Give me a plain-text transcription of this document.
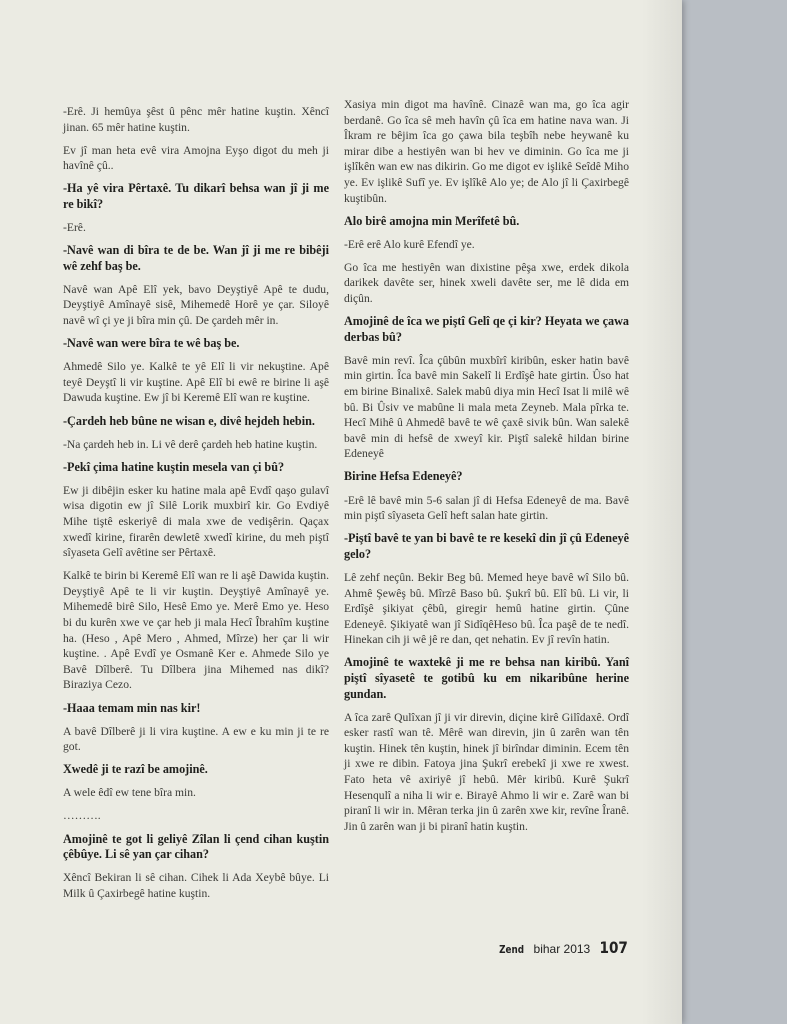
-Erê. Ji hemûya şêst û pênc mêr hatine kuştin. Xêncî jinan. 65 mêr hatine kuştin.

Ev jî man heta evê vira Amojna Eyşo digot du meh ji havînê çû..

-Ha yê vira Pêrtaxê. Tu dikarî behsa wan jî ji me re bikî?

-Erê.

-Navê wan di bîra te de be. Wan jî ji me re bibêji wê zehf baş be.

Navê wan Apê Elî yek, bavo Deyştiyê Apê te dudu, Deyştiyê Amînayê sisê, Mihemedê Horê ye çar. Siloyê navê wî çi ye ji bîra min çû. De çardeh mêr in.

-Navê wan were bîra te wê baş be.

Ahmedê Silo ye. Kalkê te yê Elî li vir nekuştine. Apê teyê Deyştî li vir kuştine. Apê Elî bi ewê re birine li aşê Dawuda kuştine. Ew jî bi Keremê Elî wan re kuştine.

-Çardeh heb bûne ne wisan e, divê hejdeh hebin.

-Na çardeh heb in. Li vê derê çardeh heb hatine kuştin.

-Pekî çima hatine kuştin mesela van çi bû?

Ew ji dibêjin esker ku hatine mala apê Evdî qaşo gulavî wisa digotin ew jî Silê Lorik muxbirî kir. Go Evdiyê Mihe tiştê eskeriyê di mala xwe de vedişêrin. Qaçax xwedî kirine, firarên dewletê xwedî kirine, du meh piştî sîyaseta Gelî avêtine ser Pêrtaxê.

Kalkê te birin bi Keremê Elî wan re li aşê Dawida kuştin. Deyştiyê Apê te li vir kuştin. Deyştiyê Amînayê ye. Mihemedê birê Silo, Hesê Emo ye. Merê Emo ye. Heso bi du kurên xwe ve çar heb ji mala Hecî Îbrahîm kuştine ha. (Heso , Apê Mero , Ahmed, Mîrze) her çar li wir kuştine. . Apê Evdî ye Osmanê Ker e. Ahmede Silo ye Bavê Dîlberê. Tu Dîlbera jina Mihemed nas dikî? Biraziya Cezo.

-Haaa temam min nas kir!

A bavê Dîlberê ji li vira kuştine. A ew e ku min ji te re got.

Xwedê ji te razî be amojinê.

A wele êdî ew tene bîra min.

……….

Amojinê te got li geliyê Zîlan li çend cihan kuştin çêbûye. Li sê yan çar cihan?

Xêncî Bekiran li sê cihan. Cihek li Ada Xeybê bûye. Li Milk û Çaxirbegê hatine kuştin.

Xasiya min digot ma havînê. Cinazê wan ma, go îca agir berdanê. Go îca sê meh havîn çû îca em hatine nava wan. Ji Îkram re bêjim îca go çawa bila teşbîh nebe heywanê ku mirar dibe a hestiyên wan bi hev ve diminin. Go îca me ji işlîkên wan ew nas dikirin. Go me digot ev işlikê Seîdê Miho ye. Ev işlikê Sufî ye. Ev işlîkê Alo ye; de Alo jî li Çaxirbegê kuştibûn.

Alo birê amojna min Merîfetê bû.

-Erê erê Alo kurê Efendî ye.

Go îca me hestiyên wan dixistine pêşa xwe, erdek dikola darikek davête ser, hinek xweli davête ser, me lê dida em diçûn.

Amojinê de îca we piştî Gelî qe çi kir? Heyata we çawa derbas bû?

Bavê min revî. Îca çûbûn muxbîrî kiribûn, esker hatin bavê min girtin. Îca bavê min Sakelî li Erdîşê hate girtin. Ûso hat em birine Binalixê. Salek mabû diya min Hecî Isat li milê wê bû. Bi Ûsiv ve mabûne li mala meta Zeyneb. Mala pîrka te. Hecî Mihê û Ahmedê bavê te wê çaxê sivik bûn. Wan salekê bavê min di hefsê de xweyî kir. Piştî salekê hildan birine Edeneyê

Birine Hefsa Edeneyê?

-Erê lê bavê min 5-6 salan jî di Hefsa Edeneyê de ma. Bavê min piştî sîyaseta Gelî heft salan hate girtin.

-Piştî bavê te yan bi bavê te re kesekî din jî çû Edeneyê gelo?

Lê zehf neçûn. Bekir Beg bû. Memed heye bavê wî Silo bû. Ahmê Şewêş bû. Mîrzê Baso bû. Şukrî bû. Elî bû. Li vir, li Erdîşê şikiyat çêbû, giregir hemû hatine girtin. Çûne Edeneyê. Şikiyatê wan jî SidîqêHeso bû. Îca paşê de te nedî. Hinekan cih ji wê jê re dan, qet nehatin. Ev jî revîn hatin.

Amojinê te waxtekê ji me re behsa nan kiribû. Yanî piştî sîyasetê te gotibû ku em nikaribûne herine gundan.

A îca zarê Qulîxan jî ji vir direvin, diçine kirê Gilîdaxê. Ordî esker rastî wan tê. Mêrê wan direvin, jin û zarên wan tên kuştin. Hinek tên kuştin, hinek jî birîndar diminin. Ecem tên ji xwe re dibin. Fatoya jina Şukrî erebekî ji xwe re xwest. Fato heta vê axiriyê jî hebû. Mêr kiribû. Kurê Şukrî Hesenqulî a niha li wir e. Birayê Ahmo li wir e. Zarê wan bi piranî li wir in. Mêran terka jin û zarên xwe kir, revîne Îranê. Jin û zarên wan ji bi piranî hatin kuştin.

Zend bihar 2013 107
